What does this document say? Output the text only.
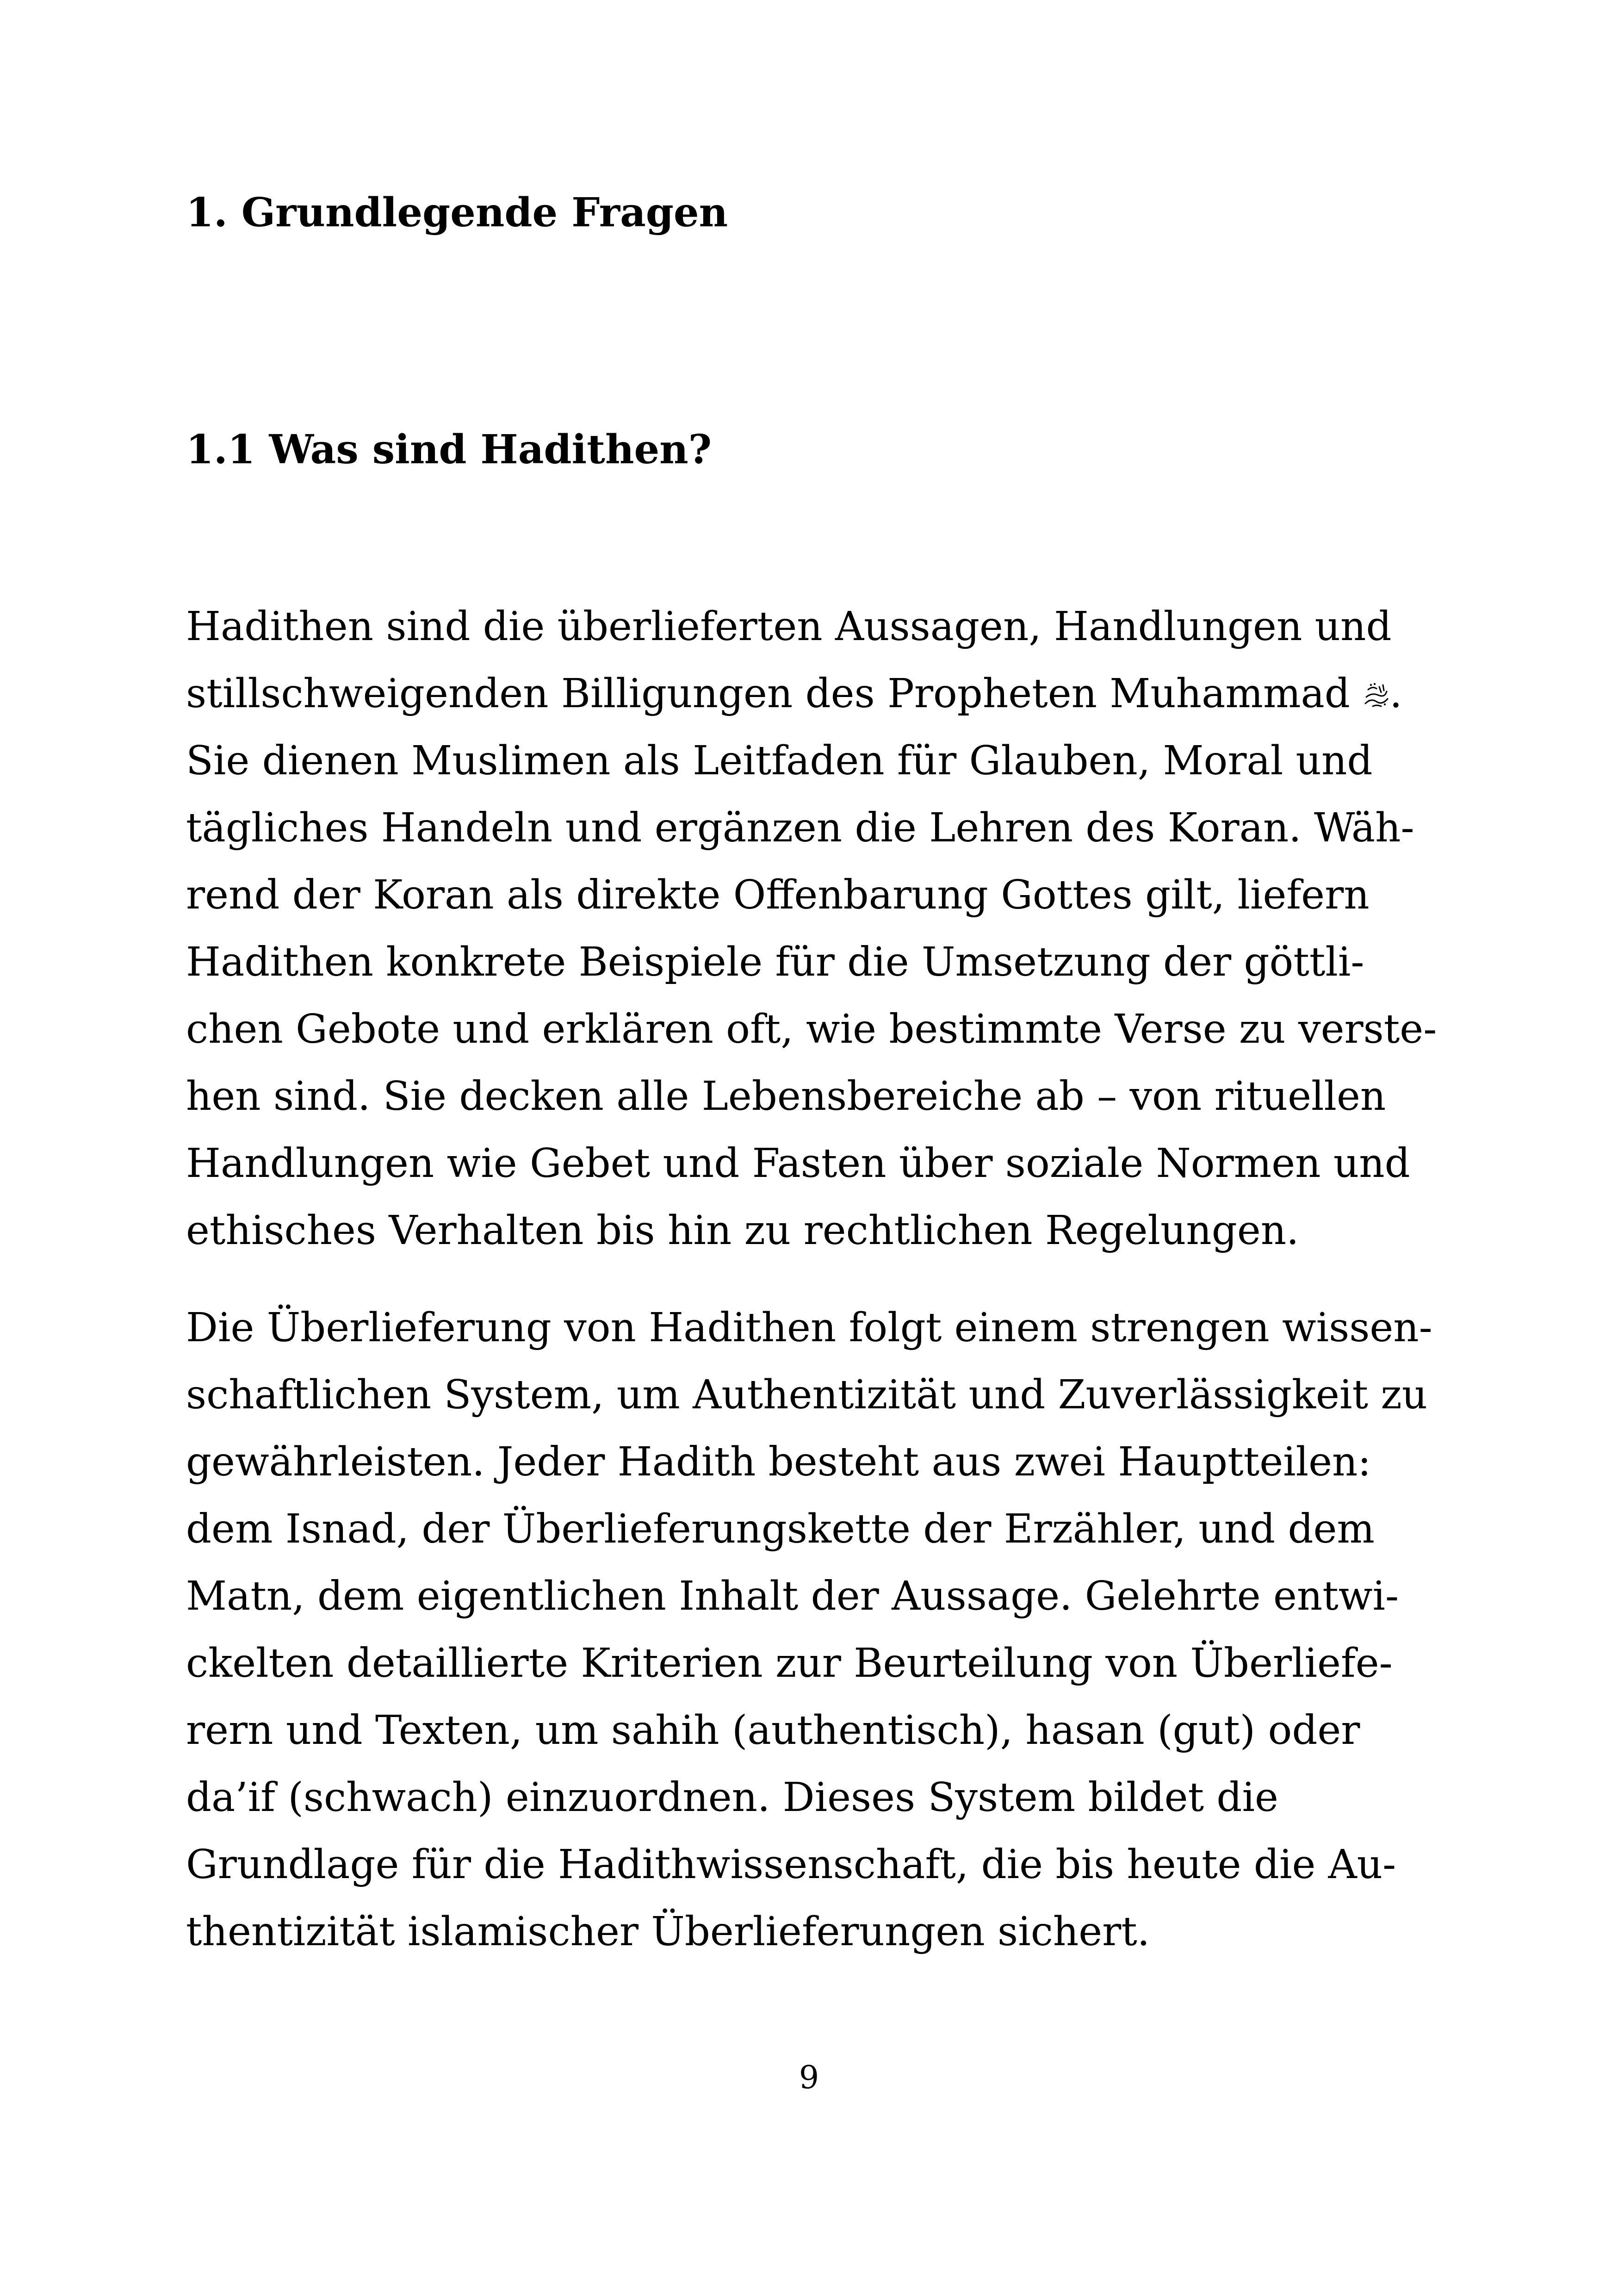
1. Grundlegende Fragen
1.1 Was sind Hadithen?

Hadithen sind die überlieferten Aussagen, Handlungen und
stillschweigenden Billigungen des Propheten Muhammad .
Sie dienen Muslimen als Leitfaden für Glauben, Moral und
tägliches Handeln und ergänzen die Lehren des Koran. Wäh-
rend der Koran als direkte Offenbarung Gottes gilt, liefern
Hadithen konkrete Beispiele für die Umsetzung der göttli-
chen Gebote und erklären oft, wie bestimmte Verse zu verste-
hen sind. Sie decken alle Lebensbereiche ab – von rituellen
Handlungen wie Gebet und Fasten über soziale Normen und
ethisches Verhalten bis hin zu rechtlichen Regelungen.

Die Überlieferung von Hadithen folgt einem strengen wissen-
schaftlichen System, um Authentizität und Zuverlässigkeit zu
gewährleisten. Jeder Hadith besteht aus zwei Hauptteilen:
dem Isnad, der Überlieferungskette der Erzähler, und dem
Matn, dem eigentlichen Inhalt der Aussage. Gelehrte entwi-
ckelten detaillierte Kriterien zur Beurteilung von Überliefe-
rern und Texten, um sahih (authentisch), hasan (gut) oder
da’if (schwach) einzuordnen. Dieses System bildet die
Grundlage für die Hadithwissenschaft, die bis heute die Au-
thentizität islamischer Überlieferungen sichert.

9
